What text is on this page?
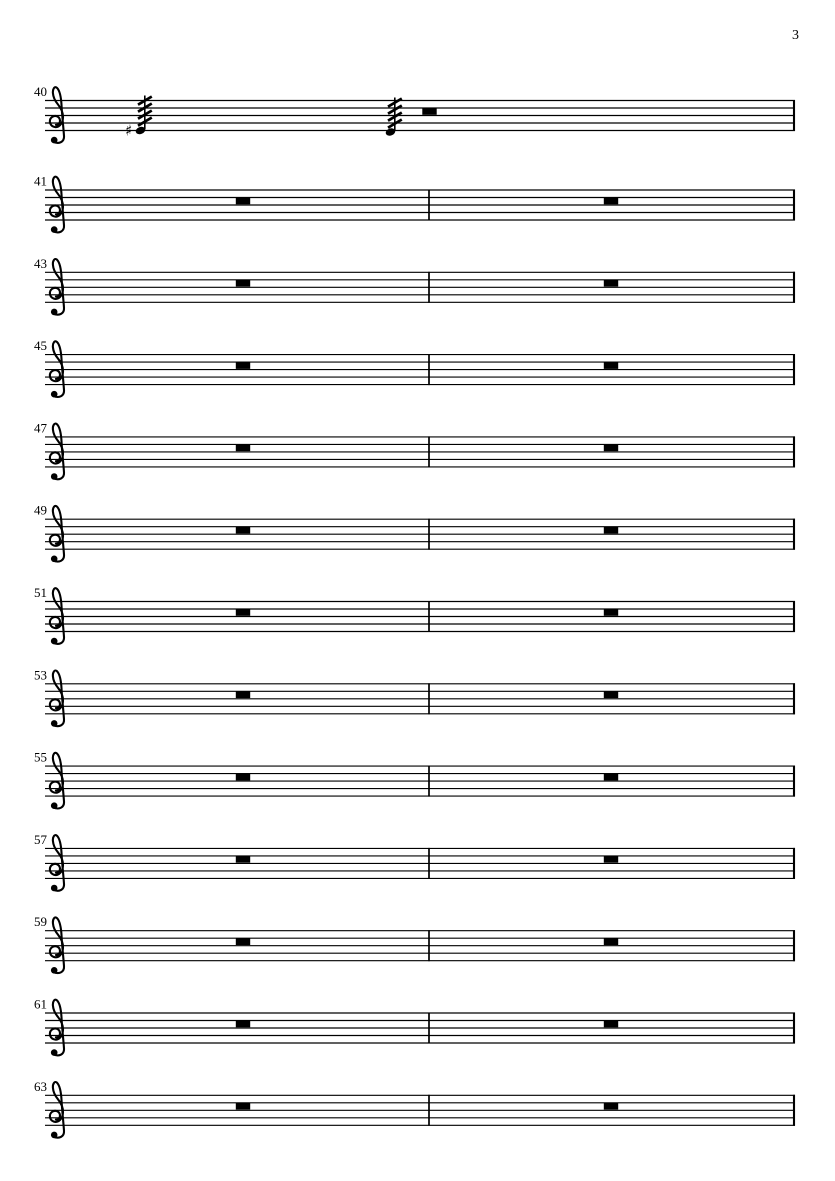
3
40
♯
41
43
45
47
49
51
53
55
57
59
61
63
